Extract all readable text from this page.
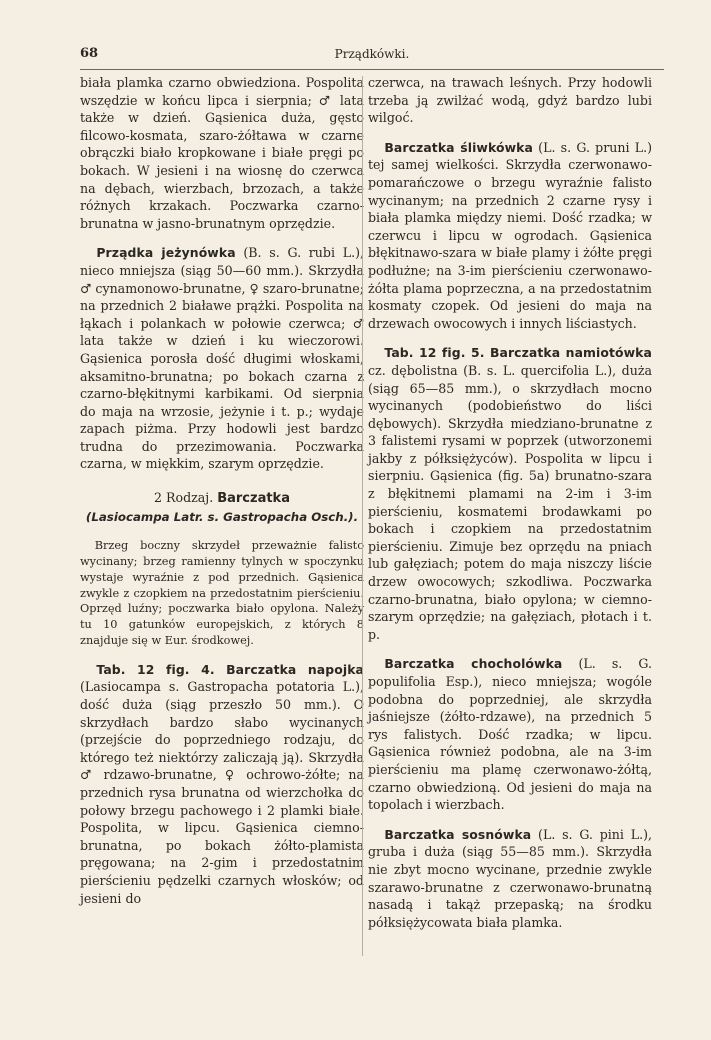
68	Prządkówki.

biała plamka czarno obwiedziona. Pospolita wszędzie w końcu lipca i sierpnia; ♂ lata także w dzień. Gąsienica duża, gęsto filcowo-kosmata, szaro-żółtawa w czarne obrączki biało kropkowane i białe pręgi po bokach. W jesieni i na wiosnę do czerwca na dębach, wierzbach, brzozach, a także różnych krzakach. Poczwarka czarno-brunatna w jasno-brunatnym oprzędzie.

Prządka jeżynówka (B. s. G. rubi L.), nieco mniejsza (siąg 50—60 mm.). Skrzydła ♂ cynamonowo-brunatne, ♀ szaro-brunatne; na przednich 2 białawe prążki. Pospolita na łąkach i polankach w połowie czerwca; ♂ lata także w dzień i ku wieczorowi. Gąsienica porosła dość długimi włoskami, aksamitno-brunatna; po bokach czarna z czarno-błękitnymi karbikami. Od sierpnia do maja na wrzosie, jeżynie i t. p.; wydaje zapach piżma. Przy hodowli jest bardzo trudna do przezimowania. Poczwarka czarna, w miękkim, szarym oprzędzie.

2 Rodzaj. Barczatka
(Lasiocampa Latr. s. Gastropacha Osch.).

Brzeg boczny skrzydeł przeważnie falisto wycinany; brzeg ramienny tylnych w spoczynku wystaje wyraźnie z pod przednich. Gąsienica zwykle z czopkiem na przedostatnim pierścieniu. Oprzęd luźny; poczwarka biało opylona. Należy tu 10 gatunków europejskich, z których 8 znajduje się w Eur. środkowej.

Tab. 12 fig. 4. Barczatka napojka (Lasiocampa s. Gastropacha potatoria L.), dość duża (siąg przeszło 50 mm.). O skrzydłach bardzo słabo wycinanych (przejście do poprzedniego rodzaju, do którego też niektórzy zaliczają ją). Skrzydła ♂ rdzawo-brunatne, ♀ ochrowo-żółte; na przednich rysa brunatna od wierzchołka do połowy brzegu pachowego i 2 plamki białe. Pospolita, w lipcu. Gąsienica ciemno-brunatna, po bokach żółto-plamista pręgowana; na 2-gim i przedostatnim pierścieniu pędzelki czarnych włosków; od jesieni do

czerwca, na trawach leśnych. Przy hodowli trzeba ją zwilżać wodą, gdyż bardzo lubi wilgoć.

Barczatka śliwkówka (L. s. G. pruni L.) tej samej wielkości. Skrzydła czerwonawo-pomarańczowe o brzegu wyraźnie falisto wycinanym; na przednich 2 czarne rysy i biała plamka między niemi. Dość rzadka; w czerwcu i lipcu w ogrodach. Gąsienica błękitnawo-szara w białe plamy i żółte pręgi podłużne; na 3-im pierścieniu czerwonawo-żółta plama poprzeczna, a na przedostatnim kosmaty czopek. Od jesieni do maja na drzewach owocowych i innych liściastych.

Tab. 12 fig. 5. Barczatka namiotówka cz. dębolistna (B. s. L. quercifolia L.), duża (siąg 65—85 mm.), o skrzydłach mocno wycinanych (podobieństwo do liści dębowych). Skrzydła miedziano-brunatne z 3 falistemi rysami w poprzek (utworzonemi jakby z półksiężyców). Pospolita w lipcu i sierpniu. Gąsienica (fig. 5a) brunatno-szara z błękitnemi plamami na 2-im i 3-im pierścieniu, kosmatemi brodawkami po bokach i czopkiem na przedostatnim pierścieniu. Zimuje bez oprzędu na pniach lub gałęziach; potem do maja niszczy liście drzew owocowych; szkodliwa. Poczwarka czarno-brunatna, biało opylona; w ciemno-szarym oprzędzie; na gałęziach, płotach i t. p.

Barczatka chocholówka (L. s. G. populifolia Esp.), nieco mniejsza; wogóle podobna do poprzedniej, ale skrzydła jaśniejsze (żółto-rdzawe), na przednich 5 rys falistych. Dość rzadka; w lipcu. Gąsienica również podobna, ale na 3-im pierścieniu ma plamę czerwonawo-żółtą, czarno obwiedzioną. Od jesieni do maja na topolach i wierzbach.

Barczatka sosnówka (L. s. G. pini L.), gruba i duża (siąg 55—85 mm.). Skrzydła nie zbyt mocno wycinane, przednie zwykle szarawo-brunatne z czerwonawo-brunatną nasadą i takąż przepaską; na środku półksiężycowata biała plamka.
